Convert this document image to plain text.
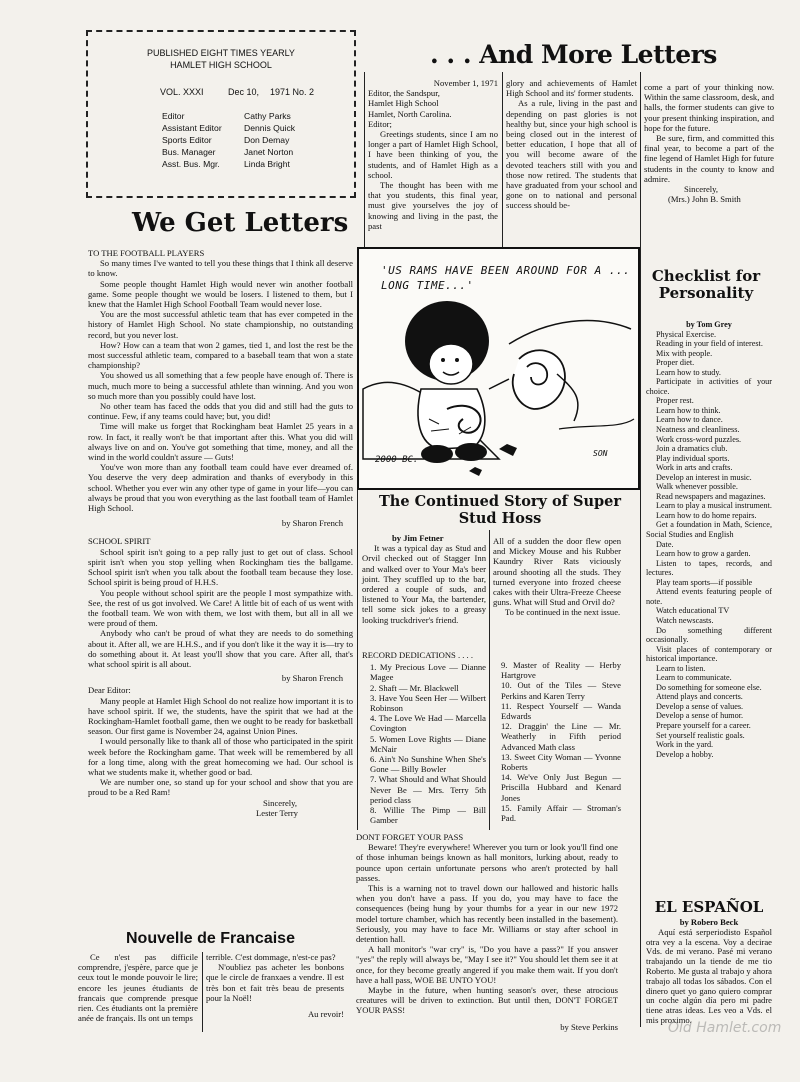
PUBLISHED EIGHT TIMES YEARLY
HAMLET HIGH SCHOOL
VOL. XXXI	Dec 10, 1971 No. 2
Editor
Assistant Editor
Sports Editor
Bus. Manager
Asst. Bus. Mgr.
Cathy Parks
Dennis Quick
Don Demay
Janet Norton
Linda Bright
. . . And More Letters

November 1, 1971

Editor, the Sandspur,

Hamlet High School

Hamlet, North Carolina.

Editor;

Greetings students, since I am no longer a part of Hamlet High School, I have been thinking of you, the students, and of Hamlet High as a school.

The thought has been with me that you students, this final year, must give yourselves the joy of knowing and living in the past, the past

glory and achievements of Hamlet High School and its' former students.

As a rule, living in the past and depending on past glories is not healthy but, since your high school is being closed out in the interest of better education, I hope that all of you will become aware of the devoted teachers still with you and those now retired. The students that have graduated from your school and gone on to national and personal success should be-

come a part of your thinking now. Within the same classroom, desk, and halls, the former students can give to your present thinking inspiration, and hope for the future.

Be sure, firm, and committed this final year, to become a part of the fine legend of Hamlet High for future students in the county to know and admire.

Sincerely,

(Mrs.) John B. Smith

We Get Letters

TO THE FOOTBALL PLAYERS

So many times I've wanted to tell you these things that I think all deserve to know.

Some people thought Hamlet High would never win another football game. Some people thought we would be losers. I listened to them, but I knew that the Hamlet High School Football Team would never lose.

You are the most successful athletic team that has ever competed in the history of Hamlet High School. No state championship, no outstanding record, but you never lost.

How? How can a team that won 2 games, tied 1, and lost the rest be the most successful athletic team, compared to a baseball team that won a state championship?

You showed us all something that a few people have enough of. There is much, much more to being a successful athlete than winning. And you won so much more than you possibly could have lost.

No other team has faced the odds that you did and still had the guts to continue. Few, if any teams could have; but, you did!

Time will make us forget that Rockingham beat Hamlet 25 years in a row. In fact, it really won't be that important after this. What you did will always live on and on. You've got something that time, money, and all the wind in the world couldn't assure — Guts!

You've won more than any football team could have ever dreamed of. You deserve the very deep admiration and thanks of everybody in this school. Whether you ever win any other type of game in your life—you can always be proud that you won everything as the last football team of Hamlet High School.

by Sharon French

SCHOOL SPIRIT

School spirit isn't going to a pep rally just to get out of class. School spirit isn't when you stop yelling when Rockingham ties the ballgame. School spirit isn't when you talk about the football team because they lose. School spirit is being proud of H.H.S.

You people without school spirit are the people I most sympathize with. See, the rest of us got involved. We Care! A little bit of each of us went with the football team. We won with them, we lost with them, but all in all we were proud of them.

Anybody who can't be proud of what they are needs to do something about it. After all, we are H.H.S., and if you don't like it the way it is—try to do something about it. At least you'll show that you care. After all, that's what school spirit is all about.

by Sharon French

Dear Editor:

Many people at Hamlet High School do not realize how important it is to have school spirit. If we, the students, have the spirit that we had at the Rockingham-Hamlet football game, then we ought to be ready for basketball season. Our first game is November 24, against Union Pines.

I would personally like to thank all of those who participated in the spirit week before the Rockingham game. That week will be remembered by all for a long time, along with the great homecoming we had. Our school is what we students make it, whether good or bad.

We are number one, so stand up for your school and show that you are proud to be a Red Ram!

Sincerely,

Lester Terry

'US RAMS HAVE BEEN AROUND FOR A ... LONG TIME...'
2000 BC.
SON
The Continued Story of Super Stud Hoss

by Jim Fetner

It was a typical day as Stud and Orvil checked out of Stagger Inn and walked over to Your Ma's beer joint. They scuffled up to the bar, ordered a couple of suds, and listened to Your Ma, the bartender, tell some sick jokes to a greasy looking truckdriver's friend.

All of a sudden the door flew open and Mickey Mouse and his Rubber Kaundry River Rats viciously around shooting all the studs. They turned everyone into frozed cheese cakes with their Ultra-Freeze Cheese guns. What will Stud and Orvil do?

To be continued in the next issue.

RECORD DEDICATIONS . . . .

1. My Precious Love — Dianne Magee

2. Shaft — Mr. Blackwell

3. Have You Seen Her — Wilbert Robinson

4. The Love We Had — Marcella Covington

5. Women Love Rights — Diane McNair

6. Ain't No Sunshine When She's Gone — Billy Bowler

7. What Should and What Should Never Be — Mrs. Terry 5th period class

8. Willie The Pimp — Bill Gamber

9. Master of Reality — Herby Hartgrove

10. Out of the Tiles — Steve Perkins and Karen Terry

11. Respect Yourself — Wanda Edwards

12. Draggin' the Line — Mr. Weatherly in Fifth period Advanced Math class

13. Sweet City Woman — Yvonne Roberts

14. We've Only Just Begun — Priscilla Hubbard and Kenard Jones

15. Family Affair — Stroman's Pad.

DONT FORGET YOUR PASS

Beware! They're everywhere! Wherever you turn or look you'll find one of those inhuman beings known as hall monitors, lurking about, ready to pounce upon certain unfortunate persons who aren't protected by hall passes.

This is a warning not to travel down our hallowed and historic halls when you don't have a pass. If you do, you may have to face the consequences (being hung by your thumbs for a year in our new 1972 model torture chamber, which has recently been installed in the basement). Seriously, you may have to face Mr. Williams or stay after school in detention hall.

A hall monitor's "war cry" is, "Do you have a pass?" If you answer "yes" the reply will always be, "May I see it?" You should let them see it at once, for they become greatly angered if you make them wait. If you don't have a hall pass, WOE BE UNTO YOU!

Maybe in the future, when hunting season's over, these atrocious creatures will be driven to extinction. But until then, DON'T FORGET YOUR PASS!

by Steve Perkins

Checklist for Personality

by Tom Grey

Physical Exercise.

Reading in your field of interest.

Mix with people.

Proper diet.

Learn how to study.

Participate in activities of your choice.

Proper rest.

Learn how to think.

Learn how to dance.

Neatness and cleanliness.

Work cross-word puzzles.

Join a dramatics club.

Play individual sports.

Work in arts and crafts.

Develop an interest in music.

Walk whenever possible.

Read newspapers and magazines.

Learn to play a musical instrument.

Learn how to do home repairs.

Get a foundation in Math, Science, Social Studies and English

Date.

Learn how to grow a garden.

Listen to tapes, records, and lectures.

Play team sports—if possible

Attend events featuring people of note.

Watch educational TV

Watch newscasts.

Do something different occasionally.

Visit places of contemporary or historical importance.

Learn to listen.

Learn to communicate.

Do something for someone else.

Attend plays and concerts.

Develop a sense of values.

Develop a sense of humor.

Prepare yourself for a career.

Set yourself realistic goals.

Work in the yard.

Develop a hobby.

EL ESPAÑOL

by Robero Beck

Aquí está serperiodisto Español otra vey a la escena. Voy a decirae Vds. de mi verano. Pasé mi verano trabajando un la tiende de me tio Roberto. Me gusta al trabajo y ahora trabajo all todas los sábados. Con el dinero quet yo gano quiero comprar un coche algún día pero mi padre tiene atras ideas. Les veo a Vds. el mis proximo.

Nouvelle de Francaise

Ce n'est pas difficile comprendre, j'espère, parce que je ceux tout le monde pouvoir le lire; encore les jeunes étudiants de francais que comprende presque rien. Ces étudiants ont la première anée de français. Ils ont un temps

terrible. C'est dommage, n'est-ce pas?

N'oubliez pas acheter les bonbons que le circle de franxaes a vendre. Il est très bon et fait très beau de presents pour la Noël!

Au revoir!

Old Hamlet.com
